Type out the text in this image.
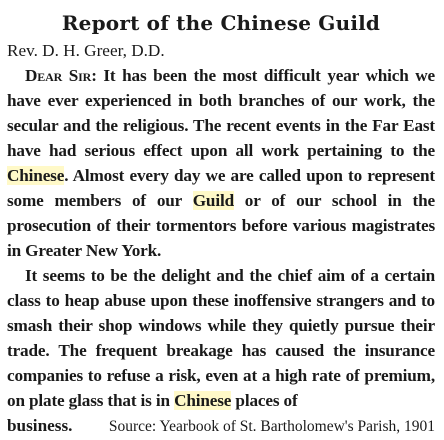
Report of the Chinese Guild

Rev. D. H. Greer, D.D.

Dear Sir: It has been the most difficult year which we have ever experienced in both branches of our work, the secular and the religious. The recent events in the Far East have had serious effect upon all work pertaining to the Chinese. Almost every day we are called upon to represent some members of our Guild or of our school in the prosecution of their tormentors before various magistrates in Greater New York.

It seems to be the delight and the chief aim of a certain class to heap abuse upon these inoffensive strangers and to smash their shop windows while they quietly pursue their trade. The frequent breakage has caused the insurance companies to refuse a risk, even at a high rate of premium, on plate glass that is in Chinese places of

business. Source: Yearbook of St. Bartholomew's Parish, 1901
